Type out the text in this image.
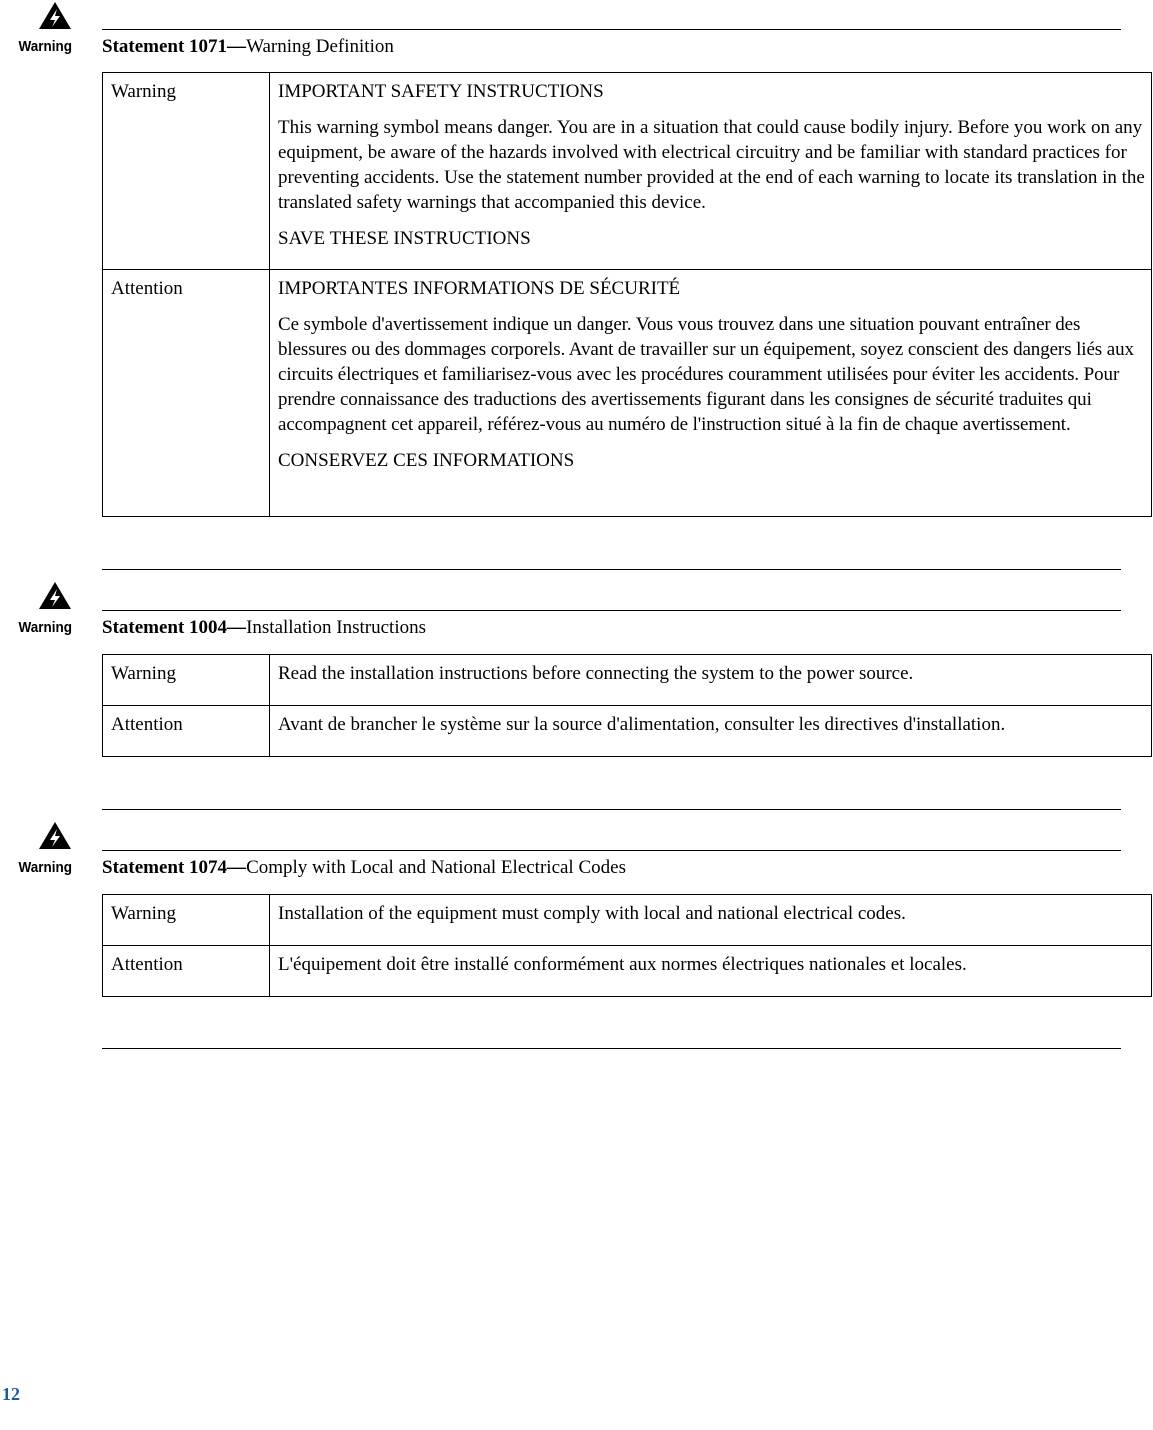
Warning Statement 1071—Warning Definition
Warning	IMPORTANT SAFETY INSTRUCTIONS

This warning symbol means danger. You are in a situation that could cause bodily injury. Before you work on any equipment, be aware of the hazards involved with electrical circuitry and be familiar with standard practices for preventing accidents. Use the statement number provided at the end of each warning to locate its translation in the translated safety warnings that accompanied this device.

SAVE THESE INSTRUCTIONS

Attention	IMPORTANTES INFORMATIONS DE SÉCURITÉ

Ce symbole d'avertissement indique un danger. Vous vous trouvez dans une situation pouvant entraîner des blessures ou des dommages corporels. Avant de travailler sur un équipement, soyez conscient des dangers liés aux circuits électriques et familiarisez-vous avec les procédures couramment utilisées pour éviter les accidents. Pour prendre connaissance des traductions des avertissements figurant dans les consignes de sécurité traduites qui accompagnent cet appareil, référez-vous au numéro de l'instruction situé à la fin de chaque avertissement.

CONSERVEZ CES INFORMATIONS

Warning Statement 1004—Installation Instructions
Warning	Read the installation instructions before connecting the system to the power source.
Attention	Avant de brancher le système sur la source d'alimentation, consulter les directives d'installation.
Warning Statement 1074—Comply with Local and National Electrical Codes
Warning	Installation of the equipment must comply with local and national electrical codes.
Attention	L'équipement doit être installé conformément aux normes électriques nationales et locales.
12
